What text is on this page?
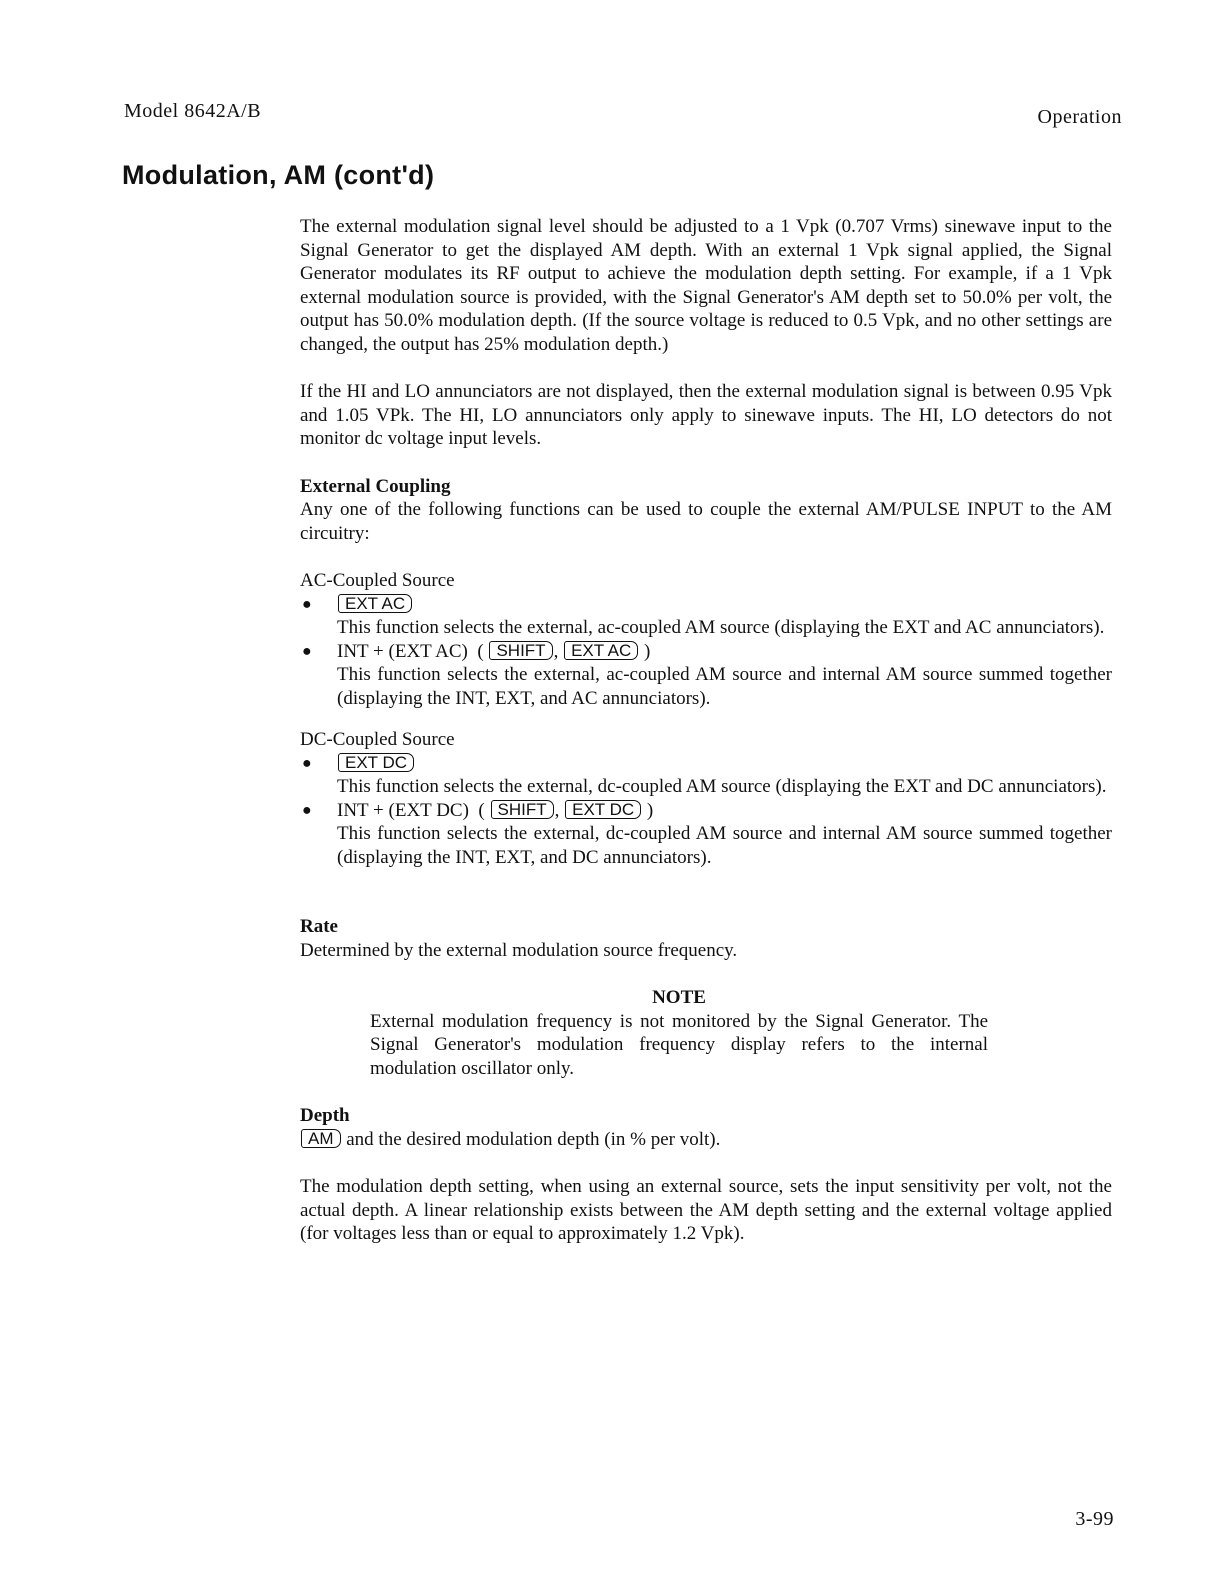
Model 8642A/B	Operation
Modulation, AM (cont'd)

The external modulation signal level should be adjusted to a 1 Vpk (0.707 Vrms) sinewave input to the Signal Generator to get the displayed AM depth. With an external 1 Vpk signal applied, the Signal Generator modulates its RF output to achieve the modulation depth setting. For example, if a 1 Vpk external modulation source is provided, with the Signal Generator's AM depth set to 50.0% per volt, the output has 50.0% modulation depth. (If the source voltage is reduced to 0.5 Vpk, and no other settings are changed, the output has 25% modulation depth.)

If the HI and LO annunciators are not displayed, then the external modulation signal is between 0.95 Vpk and 1.05 VPk. The HI, LO annunciators only apply to sinewave inputs. The HI, LO detectors do not monitor dc voltage input levels.

External Coupling

Any one of the following functions can be used to couple the external AM/PULSE INPUT to the AM circuitry:

AC-Coupled Source
●	EXT AC

This function selects the external, ac-coupled AM source (displaying the EXT and AC annunciators).

● INT + (EXT AC)  ( SHIFT , EXT AC )

This function selects the external, ac-coupled AM source and internal AM source summed together (displaying the INT, EXT, and AC annunciators).

DC-Coupled Source
●	EXT DC

This function selects the external, dc-coupled AM source (displaying the EXT and DC annunciators).

● INT + (EXT DC)  ( SHIFT , EXT DC )

This function selects the external, dc-coupled AM source and internal AM source summed together (displaying the INT, EXT, and DC annunciators).

Rate

Determined by the external modulation source frequency.

NOTE

External modulation frequency is not monitored by the Signal Generator. The Signal Generator's modulation frequency display refers to the internal modulation oscillator only.

Depth
AM and the desired modulation depth (in % per volt).

The modulation depth setting, when using an external source, sets the input sensitivity per volt, not the actual depth. A linear relationship exists between the AM depth setting and the external voltage applied (for voltages less than or equal to approximately 1.2 Vpk).

3-99
